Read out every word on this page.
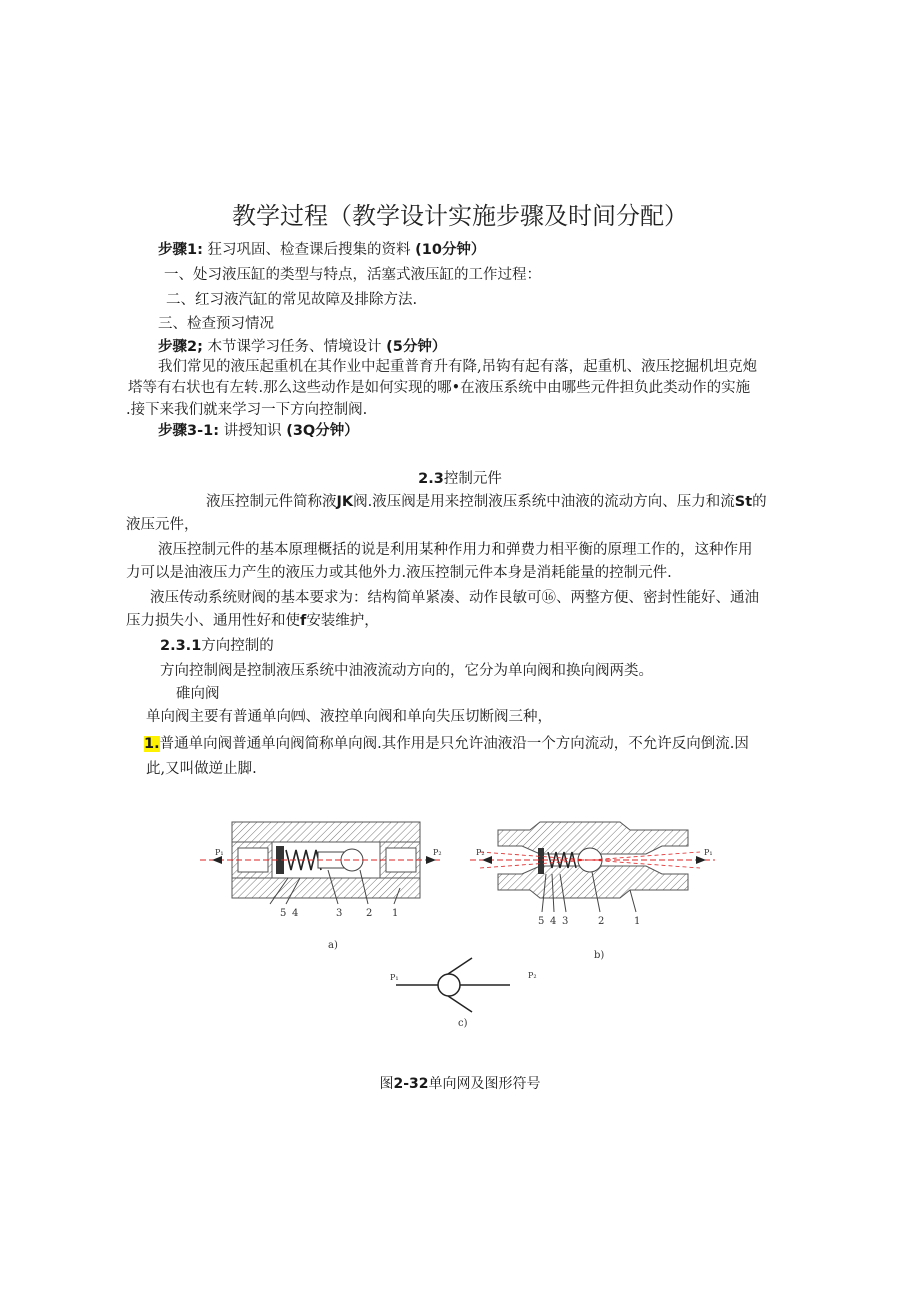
教学过程（教学设计实施步骤及时间分配）
步骤1: 狂习巩固、检查课后搜集的资料 (10分钟）
一、处习液压缸的类型与特点，活塞式液压缸的工作过程：
二、红习液汽缸的常见故障及排除方法.
三、检查预习情况
步骤2; 木节课学习任务、情境设计 (5分钟）
我们常见的液压起重机在其作业中起重普育升有降,吊钩有起有落，起重机、液压挖掘机坦克炮
塔等有右状也有左转.那么这些动作是如何实现的哪•在液压系统中由哪些元件担负此类动作的实施
.接下来我们就来学习一下方向控制阀.
步骤3-1: 讲授知识 (3Q分钟）
2.3控制元件
液压控制元件简称液JK阀.液压阀是用来控制液压系统中油液的流动方向、压力和流St的
液压元件，
液压控制元件的基本原理概括的说是利用某种作用力和弹费力相平衡的原理工作的，这种作用
力可以是油液压力产生的液压力或其他外力.液压控制元件本身是消耗能量的控制元件.
液压传动系统财阀的基本要求为：结构简单紧凑、动作艮敏可⑯、两整方便、密封性能好、通油
压力损失小、通用性好和使f安装维护，
2.3.1方向控制的
方向控制阀是控制液压系统中油液流动方向的，它分为单向阀和换向阀两类。
碓向阀
单向阀主要有普通单向㈣、液控单向阀和单向失压切断阀三种，
1.普通单向阀普通单向阀简称单向阀.其作用是只允许油液沿一个方向流动，不允许反向倒流.因
此,又叫做逆止脚.
P₁	P₂
5 4	3 2 1
a)
P₂	P₁
5 4 3	2	1
b)
P₁	P₂
c)
图2-32单向网及图形符号
